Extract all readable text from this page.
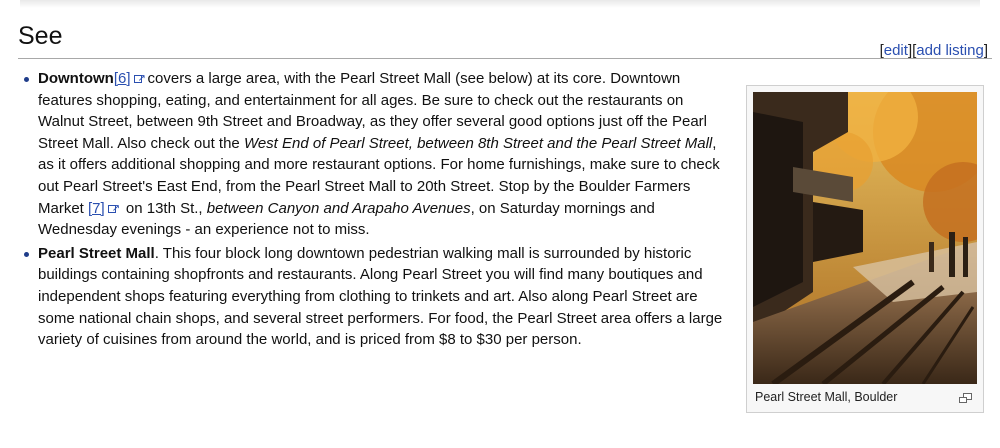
See
[edit][add listing]
Downtown[6]↗ covers a large area, with the Pearl Street Mall (see below) at its core. Downtown features shopping, eating, and entertainment for all ages. Be sure to check out the restaurants on Walnut Street, between 9th Street and Broadway, as they offer several good options just off the Pearl Street Mall. Also check out the West End of Pearl Street, between 8th Street and the Pearl Street Mall, as it offers additional shopping and more restaurant options. For home furnishings, make sure to check out Pearl Street's East End, from the Pearl Street Mall to 20th Street. Stop by the Boulder Farmers Market [7]↗ on 13th St., between Canyon and Arapaho Avenues, on Saturday mornings and Wednesday evenings - an experience not to miss.
Pearl Street Mall. This four block long downtown pedestrian walking mall is surrounded by historic buildings containing shopfronts and restaurants. Along Pearl Street you will find many boutiques and independent shops featuring everything from clothing to trinkets and art. Also along Pearl Street are some national chain shops, and several street performers. For food, the Pearl Street area offers a large variety of cuisines from around the world, and is priced from $8 to $30 per person.
Pearl Street Mall, Boulder
